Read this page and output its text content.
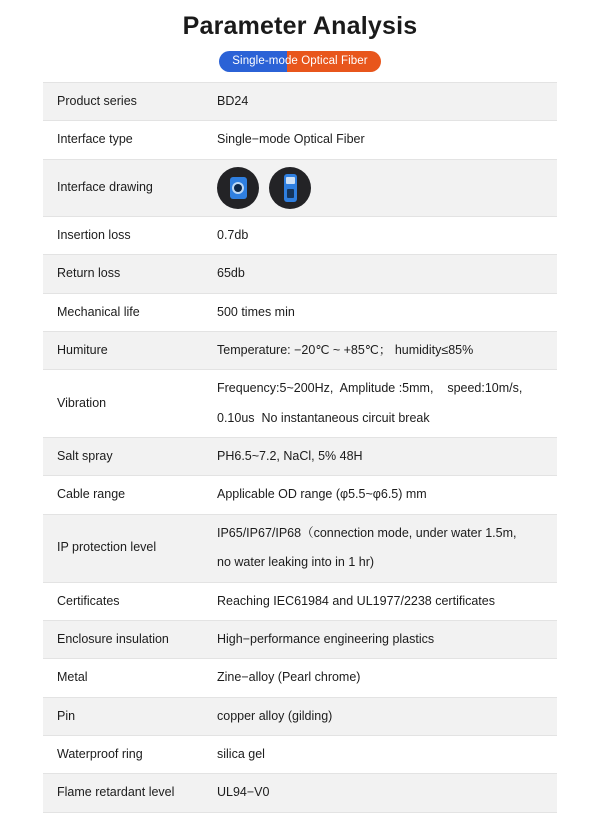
Parameter Analysis
Single-mode Optical Fiber
Product series	BD24
Interface type	Single−mode Optical Fiber
Interface drawing	

Insertion loss	0.7db
Return loss	65db
Mechanical life	500 times min
Humiture	Temperature: −20℃ ~ +85℃； humidity≤85%
Vibration	Frequency:5~200Hz,  Amplitude :5mm,    speed:10m/s,
0.10us  No instantaneous circuit break

Salt spray	PH6.5~7.2, NaCl, 5% 48H
Cable range	Applicable OD range (φ5.5~φ6.5) mm
IP protection level	IP65/IP67/IP68（connection mode, under water 1.5m,
no water leaking into in 1 hr)

Certificates	Reaching IEC61984 and UL1977/2238 certificates
Enclosure insulation	High−performance engineering plastics
Metal	Zine−alloy (Pearl chrome)
Pin	copper alloy (gilding)
Waterproof ring	silica gel
Flame retardant level	UL94−V0
